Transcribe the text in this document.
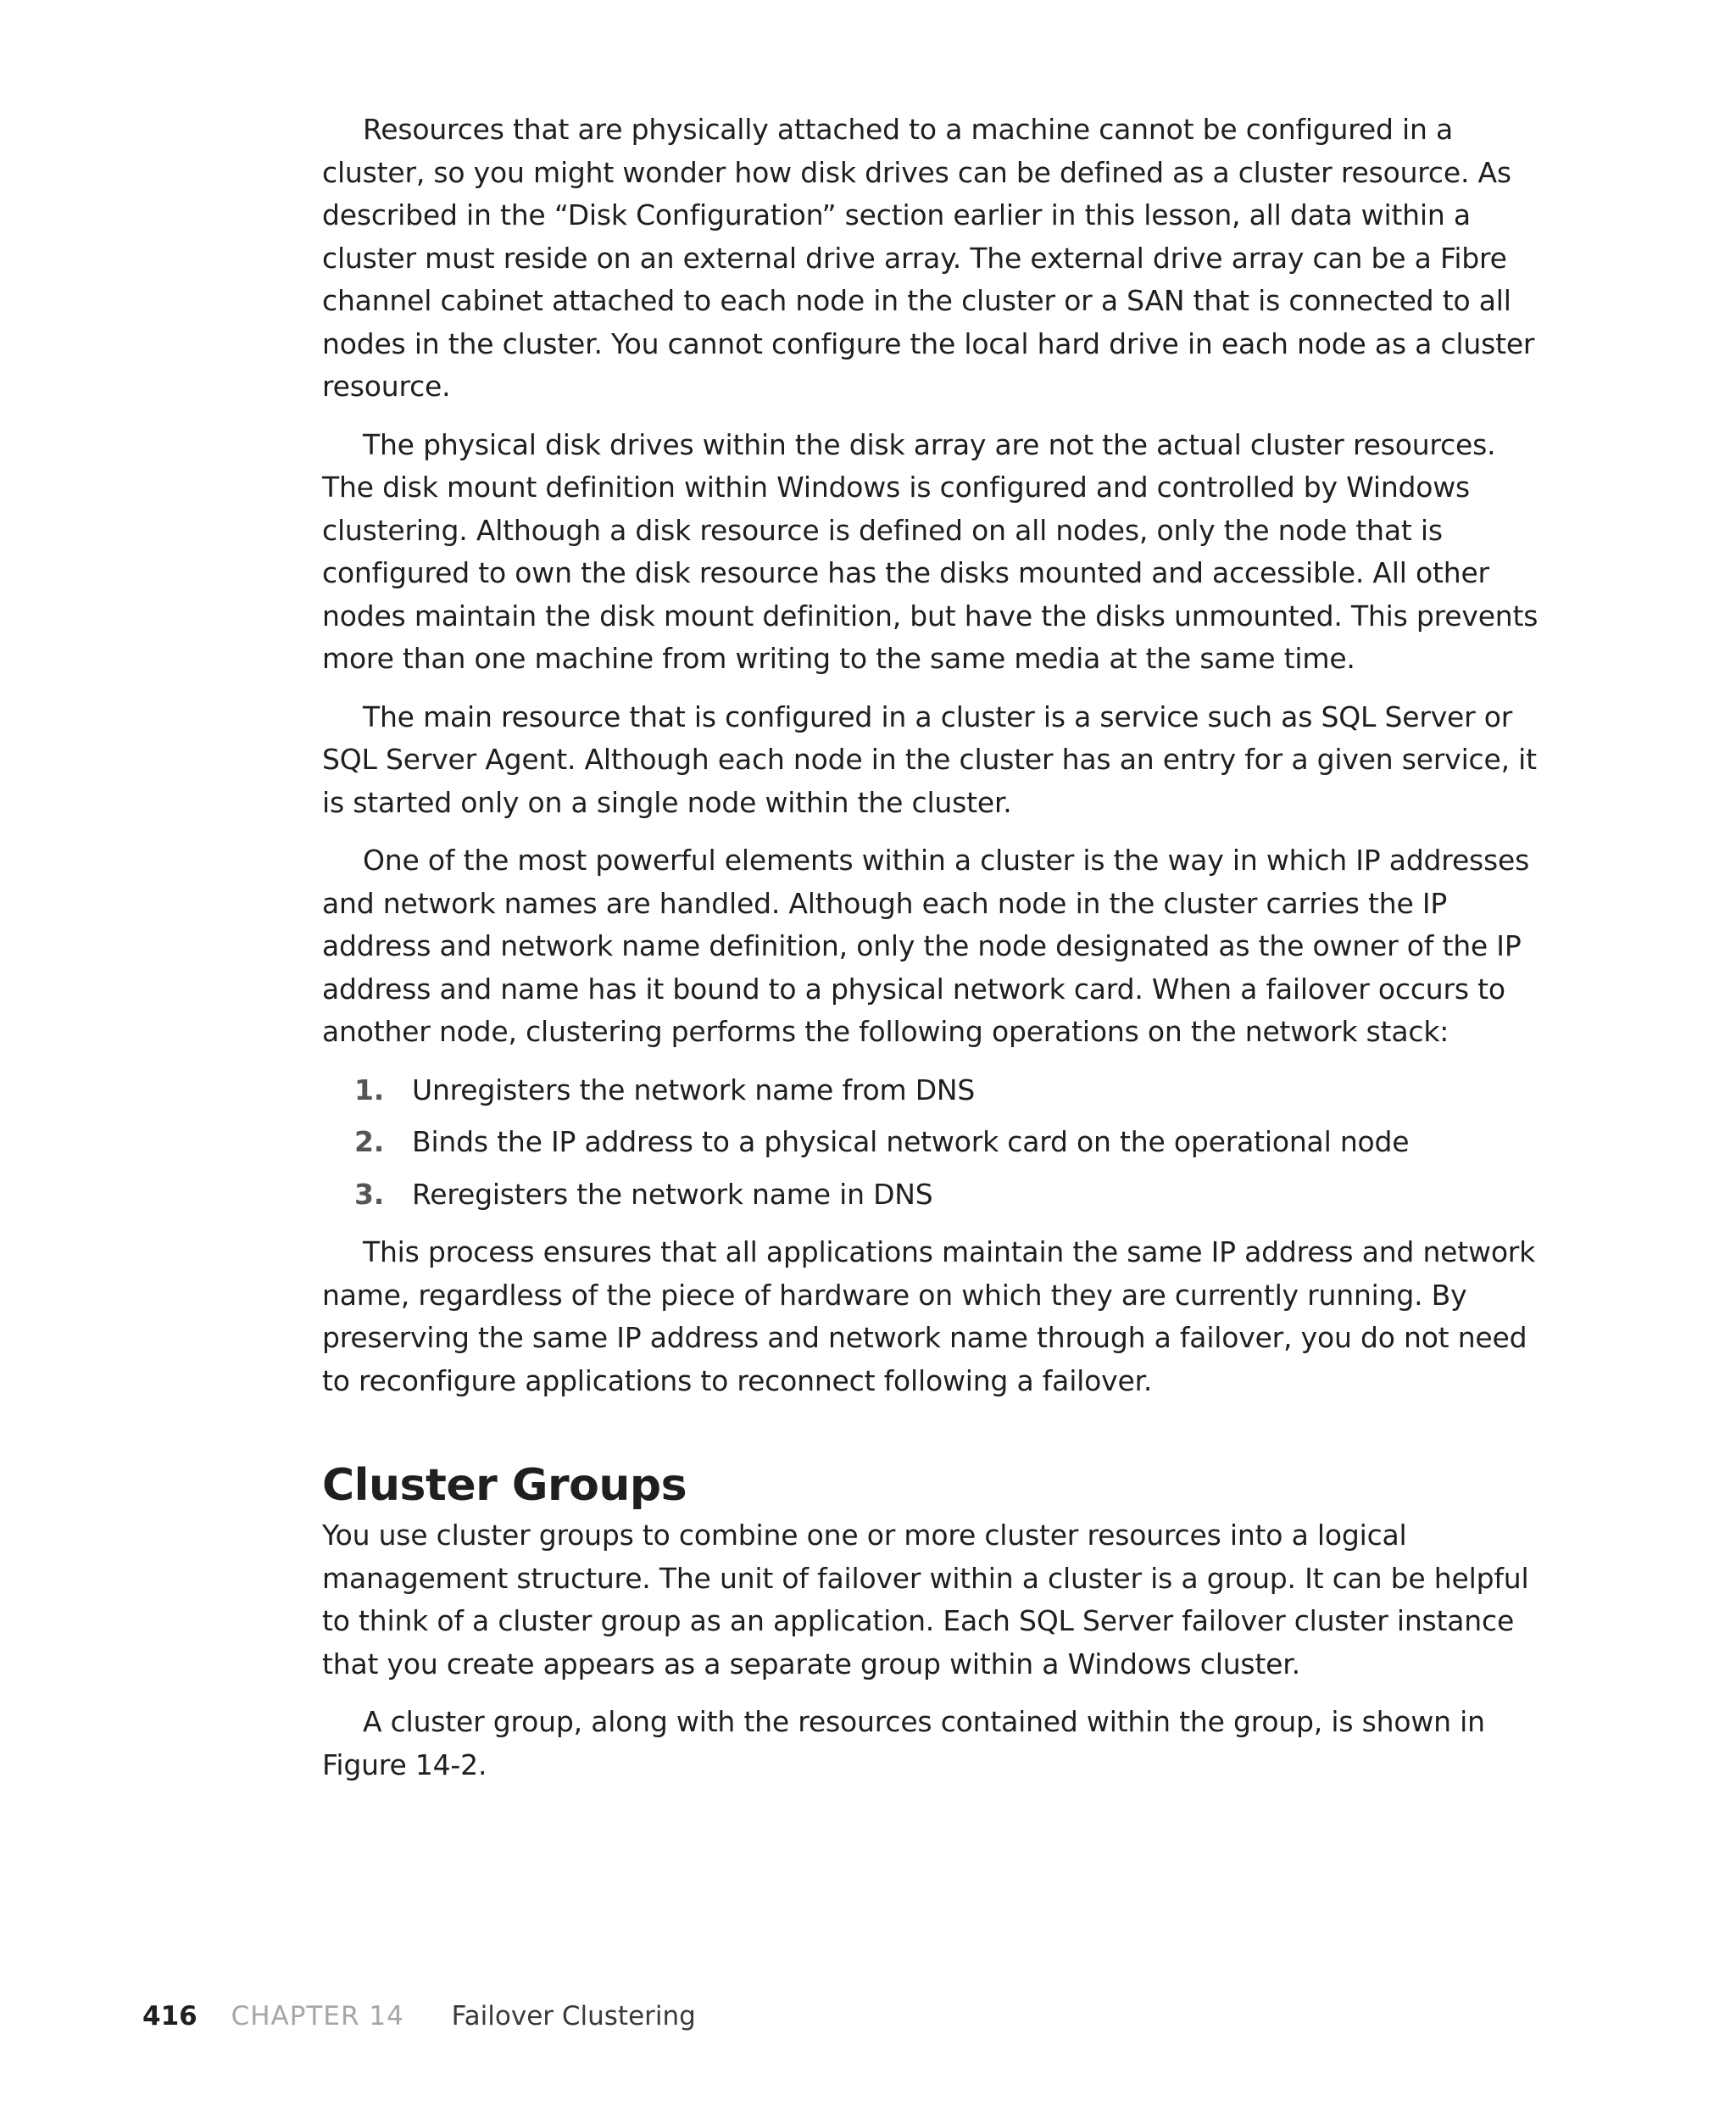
Resources that are physically attached to a machine cannot be configured in a cluster, so you might wonder how disk drives can be defined as a cluster resource. As described in the “Disk Configuration” section earlier in this lesson, all data within a cluster must reside on an external drive array. The external drive array can be a Fibre channel cabinet attached to each node in the cluster or a SAN that is connected to all nodes in the cluster. You cannot configure the local hard drive in each node as a cluster resource.

The physical disk drives within the disk array are not the actual cluster resources. The disk mount definition within Windows is configured and controlled by Windows clustering. Although a disk resource is defined on all nodes, only the node that is configured to own the disk resource has the disks mounted and accessible. All other nodes maintain the disk mount definition, but have the disks unmounted. This prevents more than one machine from writing to the same media at the same time.

The main resource that is configured in a cluster is a service such as SQL Server or SQL Server Agent. Although each node in the cluster has an entry for a given service, it is started only on a single node within the cluster.

One of the most powerful elements within a cluster is the way in which IP addresses and network names are handled. Although each node in the cluster carries the IP address and network name definition, only the node designated as the owner of the IP address and name has it bound to a physical network card. When a failover occurs to another node, clustering performs the following operations on the network stack:

1. Unregisters the network name from DNS
2. Binds the IP address to a physical network card on the operational node
3. Reregisters the network name in DNS

This process ensures that all applications maintain the same IP address and network name, regardless of the piece of hardware on which they are currently running. By preserving the same IP address and network name through a failover, you do not need to reconfigure applications to reconnect following a failover.

Cluster Groups

You use cluster groups to combine one or more cluster resources into a logical management structure. The unit of failover within a cluster is a group. It can be helpful to think of a cluster group as an application. Each SQL Server failover cluster instance that you create appears as a separate group within a Windows cluster.

A cluster group, along with the resources contained within the group, is shown in Figure 14-2.

416 CHAPTER 14 Failover Clustering
